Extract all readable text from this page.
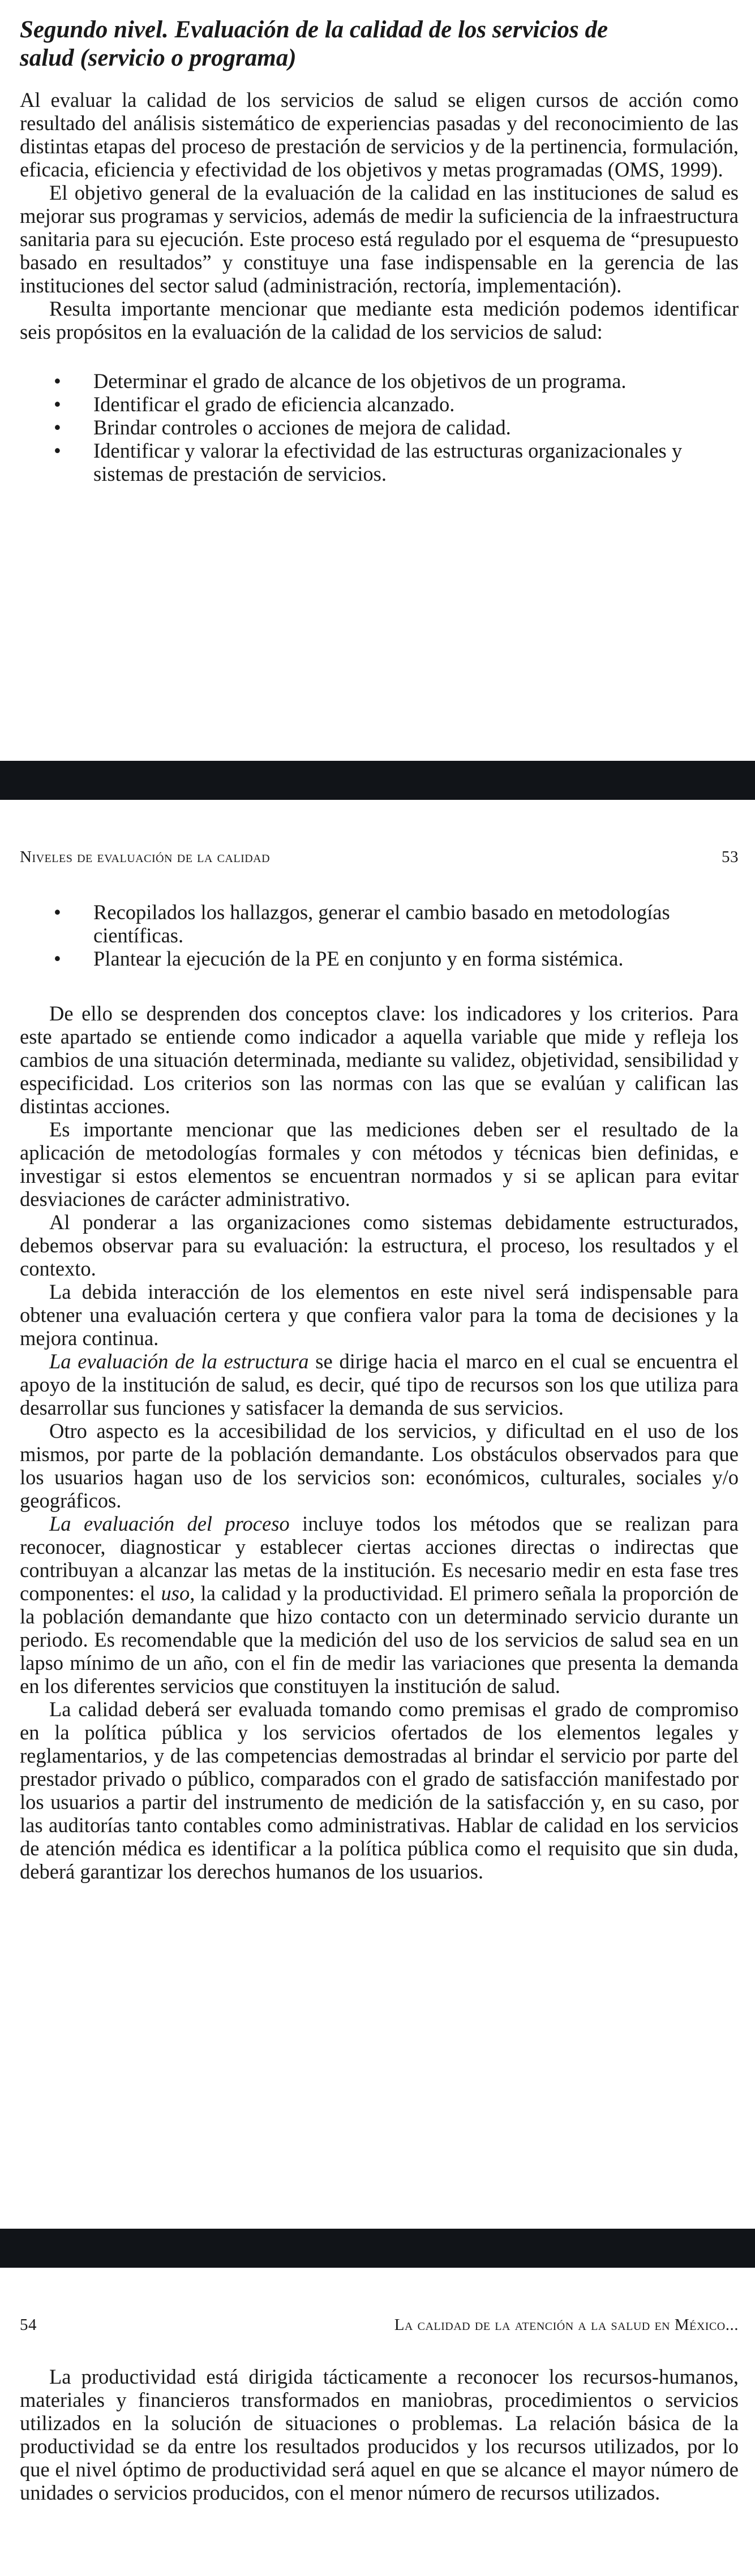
Segundo nivel. Evaluación de la calidad de los servicios de salud (servicio o programa)

Al evaluar la calidad de los servicios de salud se eligen cursos de acción como resultado del análisis sistemático de experiencias pasadas y del reconocimiento de las distintas etapas del proceso de prestación de servicios y de la pertinencia, formulación, eficacia, eficiencia y efectividad de los objetivos y metas programadas (OMS, 1999).

El objetivo general de la evaluación de la calidad en las instituciones de salud es mejorar sus programas y servicios, además de medir la suficiencia de la infraestructura sanitaria para su ejecución. Este proceso está regulado por el esquema de “presupuesto basado en resultados” y constituye una fase indispensable en la gerencia de las instituciones del sector salud (administración, rectoría, implementación).

Resulta importante mencionar que mediante esta medición podemos identificar seis propósitos en la evaluación de la calidad de los servicios de salud:

• Determinar el grado de alcance de los objetivos de un programa.
• Identificar el grado de eficiencia alcanzado.
• Brindar controles o acciones de mejora de calidad.
• Identificar y valorar la efectividad de las estructuras organizacionales y sistemas de prestación de servicios.
Niveles de evaluación de la calidad	53
• Recopilados los hallazgos, generar el cambio basado en metodologías científicas.
• Plantear la ejecución de la PE en conjunto y en forma sistémica.

De ello se desprenden dos conceptos clave: los indicadores y los criterios. Para este apartado se entiende como indicador a aquella variable que mide y refleja los cambios de una situación determinada, mediante su validez, objetividad, sensibilidad y especificidad. Los criterios son las normas con las que se evalúan y califican las distintas acciones.

Es importante mencionar que las mediciones deben ser el resultado de la aplicación de metodologías formales y con métodos y técnicas bien definidas, e investigar si estos elementos se encuentran normados y si se aplican para evitar desviaciones de carácter administrativo.

Al ponderar a las organizaciones como sistemas debidamente estructurados, debemos observar para su evaluación: la estructura, el proceso, los resultados y el contexto.

La debida interacción de los elementos en este nivel será indispensable para obtener una evaluación certera y que confiera valor para la toma de decisiones y la mejora continua.

La evaluación de la estructura se dirige hacia el marco en el cual se encuentra el apoyo de la institución de salud, es decir, qué tipo de recursos son los que utiliza para desarrollar sus funciones y satisfacer la demanda de sus servicios.

Otro aspecto es la accesibilidad de los servicios, y dificultad en el uso de los mismos, por parte de la población demandante. Los obstáculos observados para que los usuarios hagan uso de los servicios son: económicos, culturales, sociales y/o geográficos.

La evaluación del proceso incluye todos los métodos que se realizan para reconocer, diagnosticar y establecer ciertas acciones directas o indirectas que contribuyan a alcanzar las metas de la institución. Es necesario medir en esta fase tres componentes: el uso, la calidad y la productividad. El primero señala la proporción de la población demandante que hizo contacto con un determinado servicio durante un periodo. Es recomendable que la medición del uso de los servicios de salud sea en un lapso mínimo de un año, con el fin de medir las variaciones que presenta la demanda en los diferentes servicios que constituyen la institución de salud.

La calidad deberá ser evaluada tomando como premisas el grado de compromiso en la política pública y los servicios ofertados de los elementos legales y reglamentarios, y de las competencias demostradas al brindar el servicio por parte del prestador privado o público, comparados con el grado de satisfacción manifestado por los usuarios a partir del instrumento de medición de la satisfacción y, en su caso, por las auditorías tanto contables como administrativas. Hablar de calidad en los servicios de atención médica es identificar a la política pública como el requisito que sin duda, deberá garantizar los derechos humanos de los usuarios.

54	La calidad de la atención a la salud en México...

La productividad está dirigida tácticamente a reconocer los recursos-humanos, materiales y financieros transformados en maniobras, procedimientos o servicios utilizados en la solución de situaciones o problemas. La relación básica de la productividad se da entre los resultados producidos y los recursos utilizados, por lo que el nivel óptimo de productividad será aquel en que se alcance el mayor número de unidades o servicios producidos, con el menor número de recursos utilizados.
